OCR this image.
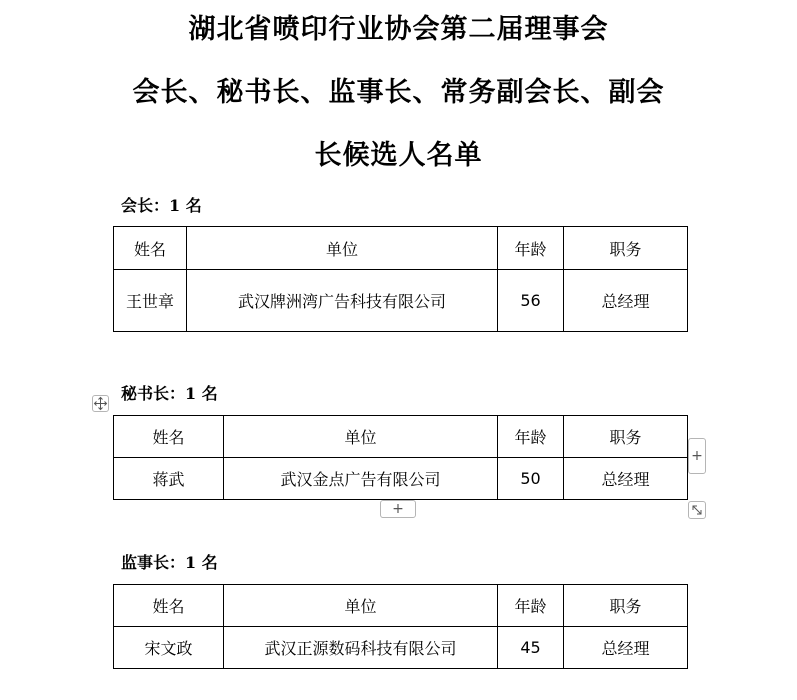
湖北省喷印行业协会第二届理事会
会长、秘书长、监事长、常务副会长、副会
长候选人名单
会长：1 名
姓名	单位	年龄	职务
王世章	武汉牌洲湾广告科技有限公司	56	总经理
秘书长：1 名
姓名	单位	年龄	职务
蒋武	武汉金点广告有限公司	50	总经理
+
+
监事长：1 名
姓名	单位	年龄	职务
宋文政	武汉正源数码科技有限公司	45	总经理
